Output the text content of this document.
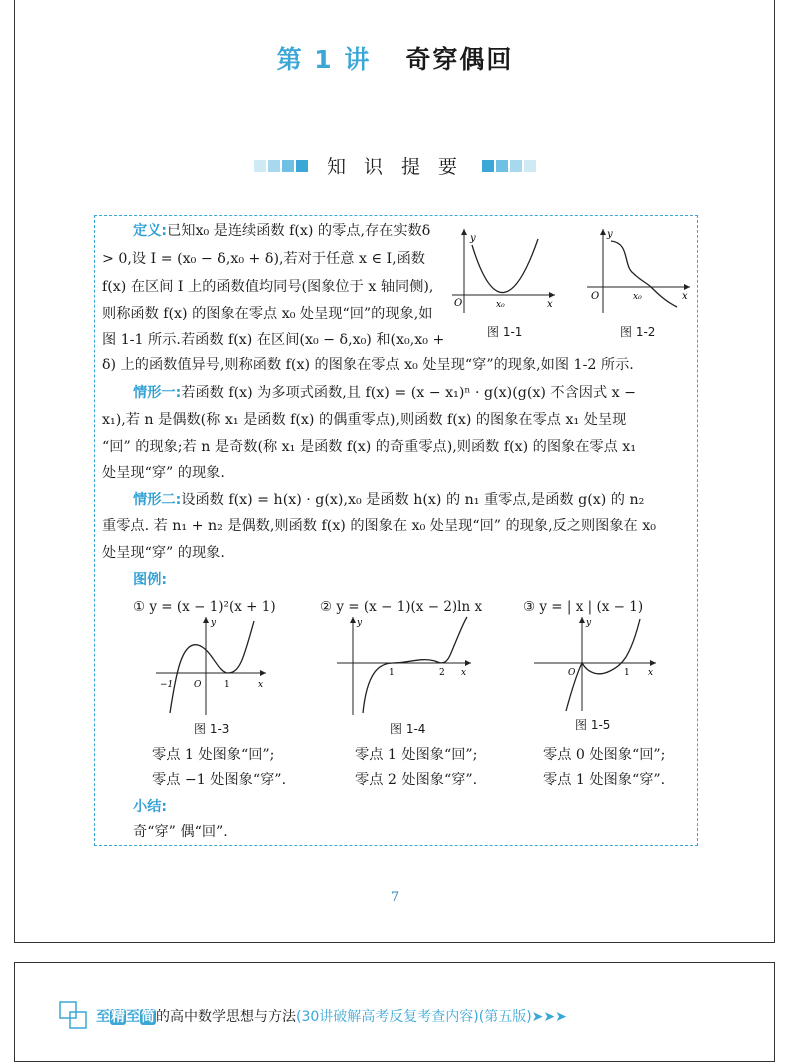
第 1 讲 奇穿偶回
知 识 提 要
定义:已知x₀ 是连续函数 f(x) 的零点,存在实数δ
> 0,设 I = (x₀ − δ,x₀ + δ),若对于任意 x ∈ I,函数
f(x) 在区间 I 上的函数值均同号(图象位于 x 轴同侧),
则称函数 f(x) 的图象在零点 x₀ 处呈现“回”的现象,如
图 1-1 所示.若函数 f(x) 在区间(x₀ − δ,x₀) 和(x₀,x₀ +
δ) 上的函数值异号,则称函数 f(x) 的图象在零点 x₀ 处呈现“穿”的现象,如图 1-2 所示.
y
x
O	x₀
图 1-1
y
x
O	x₀
图 1-2
情形一:若函数 f(x) 为多项式函数,且 f(x) = (x − x₁)ⁿ · g(x)(g(x) 不含因式 x −
x₁),若 n 是偶数(称 x₁ 是函数 f(x) 的偶重零点),则函数 f(x) 的图象在零点 x₁ 处呈现
“回” 的现象;若 n 是奇数(称 x₁ 是函数 f(x) 的奇重零点),则函数 f(x) 的图象在零点 x₁
处呈现“穿” 的现象.
情形二:设函数 f(x) = h(x) · g(x),x₀ 是函数 h(x) 的 n₁ 重零点,是函数 g(x) 的 n₂
重零点. 若 n₁ + n₂ 是偶数,则函数 f(x) 的图象在 x₀ 处呈现“回” 的现象,反之则图象在 x₀
处呈现“穿” 的现象.
图例:
① y = (x − 1)²(x + 1)	② y = (x − 1)(x − 2)ln x	③ y = | x | (x − 1)
−1 O	1	x
y
图 1-3
1	2 x
y
图 1-4
O	1 x
y
图 1-5
零点 1 处图象“回”;
零点 −1 处图象“穿”.
零点 1 处图象“回”;
零点 2 处图象“穿”.
零点 0 处图象“回”;
零点 1 处图象“穿”.
小结:
奇“穿” 偶“回”.
7
至精至简的高中数学思想与方法(30讲破解高考反复考查内容)(第五版)➤➤➤
